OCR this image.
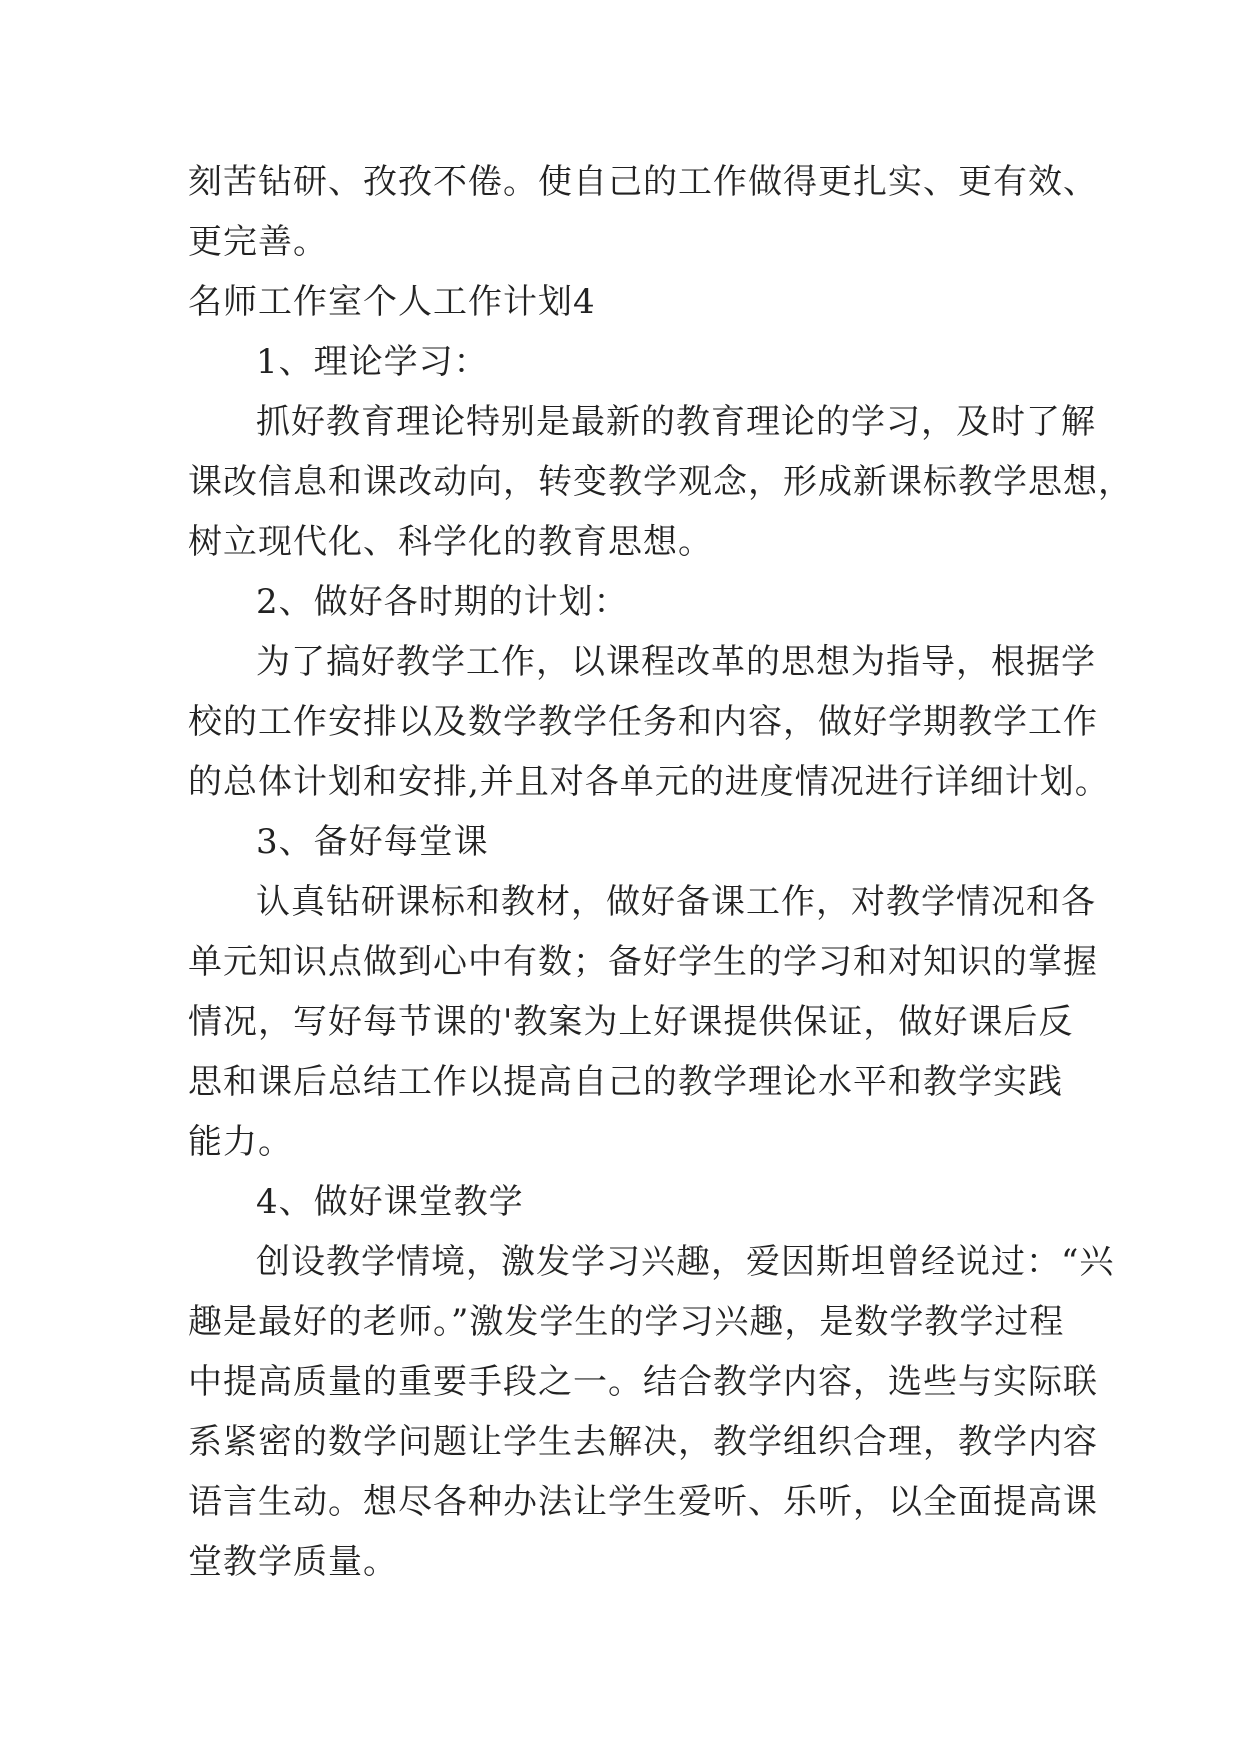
刻苦钻研、孜孜不倦。使自己的工作做得更扎实、更有效、
更完善。
名师工作室个人工作计划4
1、理论学习：
抓好教育理论特别是最新的教育理论的学习，及时了解
课改信息和课改动向，转变教学观念，形成新课标教学思想，
树立现代化、科学化的教育思想。
2、做好各时期的计划：
为了搞好教学工作，以课程改革的思想为指导，根据学
校的工作安排以及数学教学任务和内容，做好学期教学工作
的总体计划和安排,并且对各单元的进度情况进行详细计划。
3、备好每堂课
认真钻研课标和教材，做好备课工作，对教学情况和各
单元知识点做到心中有数；备好学生的学习和对知识的掌握
情况，写好每节课的'教案为上好课提供保证，做好课后反
思和课后总结工作以提高自己的教学理论水平和教学实践
能力。
4、做好课堂教学
创设教学情境，激发学习兴趣，爱因斯坦曾经说过：“兴
趣是最好的老师。”激发学生的学习兴趣，是数学教学过程
中提高质量的重要手段之一。结合教学内容，选些与实际联
系紧密的数学问题让学生去解决，教学组织合理，教学内容
语言生动。想尽各种办法让学生爱听、乐听，以全面提高课
堂教学质量。
